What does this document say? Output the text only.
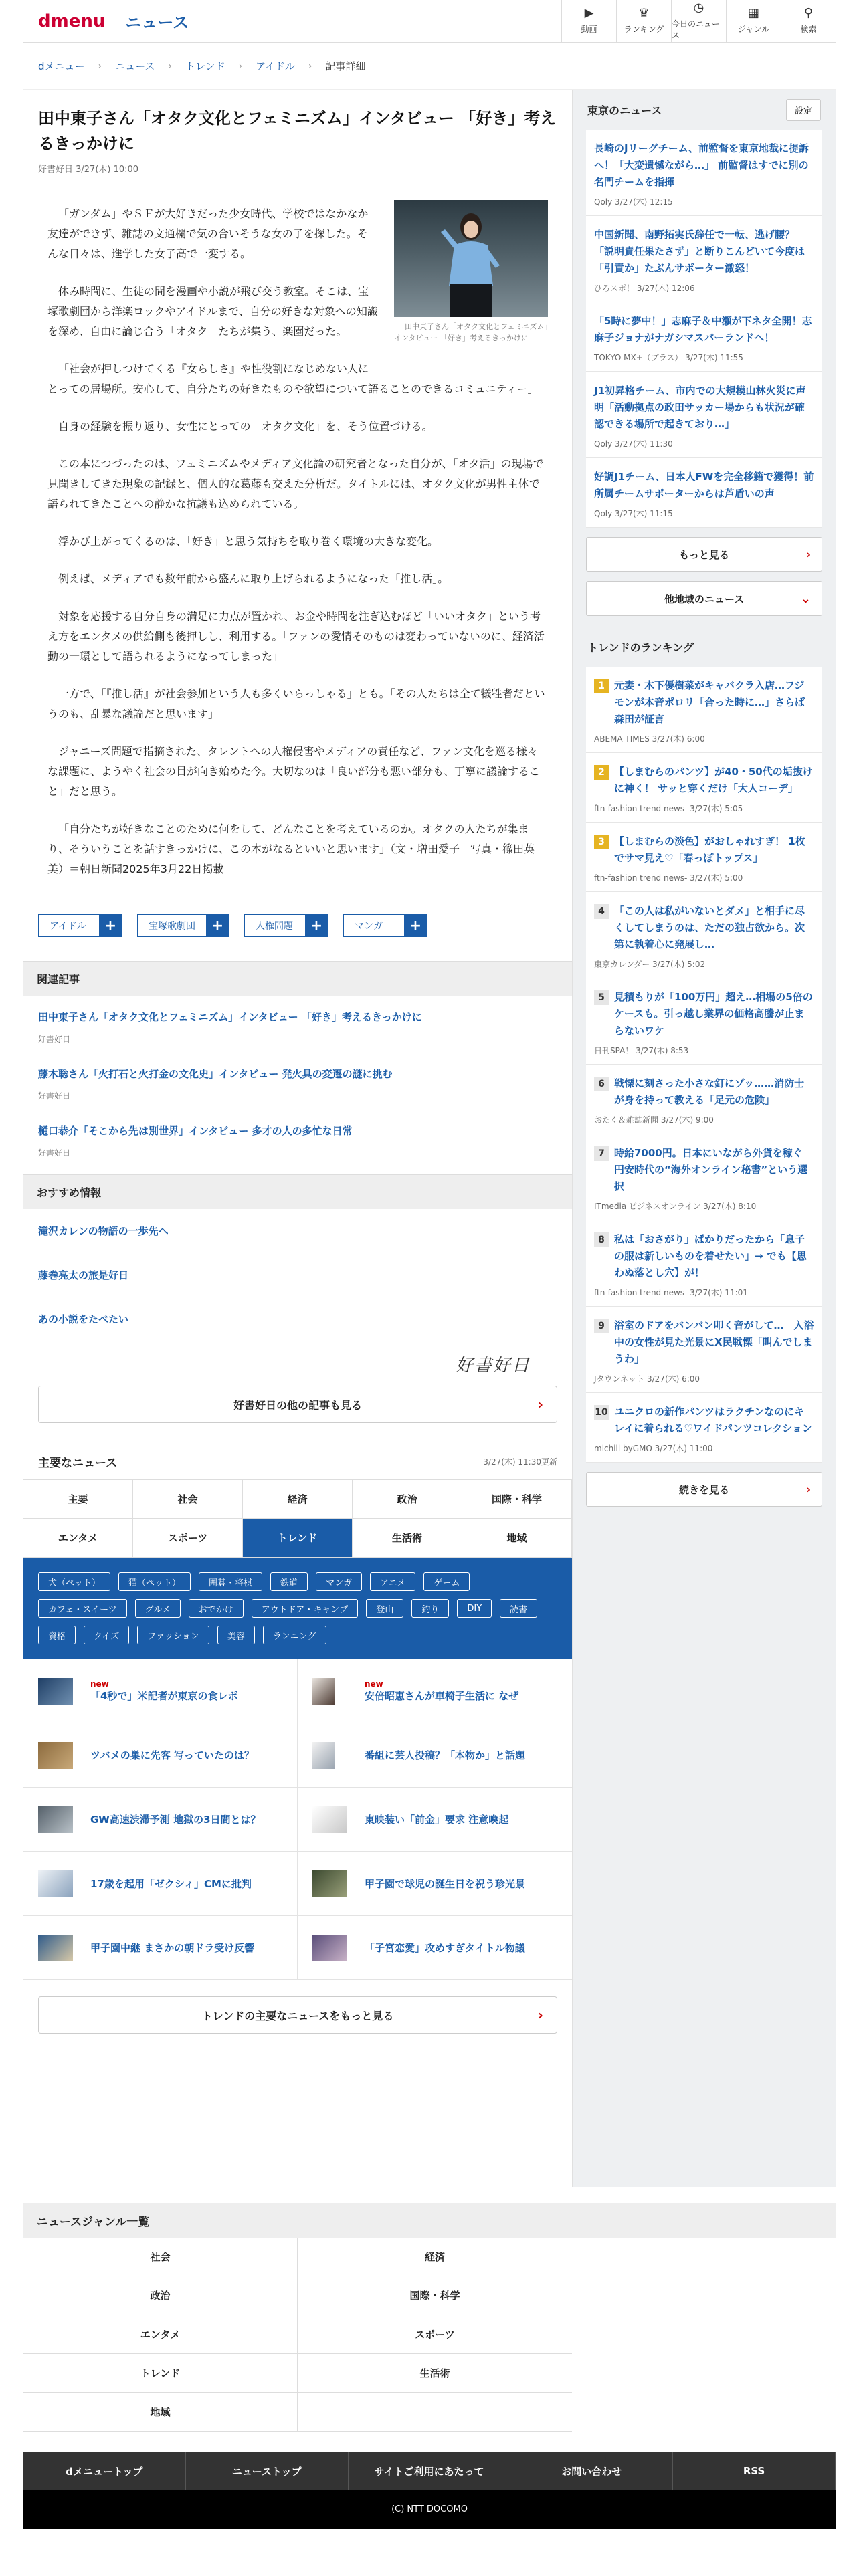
dmenu ニュース
▶
動画
♛
ランキング
◷
今日のニュース
▦
ジャンル
⚲
検索
dメニュー › ニュース › トレンド › アイドル › 記事詳細
田中東子さん「オタク文化とフェミニズム」インタビュー 「好き」考えるきっかけに
好書好日 3/27(木) 10:00

田中東子さん「オタク文化とフェミニズム」インタビュー 「好き」考えるきっかけに

「ガンダム」やＳＦが大好きだった少女時代、学校ではなかなか友達ができず、雑誌の文通欄で気の合いそうな女の子を探した。そんな日々は、進学した女子高で一変する。

休み時間に、生徒の間を漫画や小説が飛び交う教室。そこは、宝塚歌劇団から洋楽ロックやアイドルまで、自分の好きな対象への知識を深め、自由に論じ合う「オタク」たちが集う、楽園だった。

「社会が押しつけてくる『女らしさ』や性役割になじめない人にとっての居場所。安心して、自分たちの好きなものや欲望について語ることのできるコミュニティー」

自身の経験を振り返り、女性にとっての「オタク文化」を、そう位置づける。

この本につづったのは、フェミニズムやメディア文化論の研究者となった自分が、「オタ活」の現場で見聞きしてきた現象の記録と、個人的な葛藤も交えた分析だ。タイトルには、オタク文化が男性主体で語られてきたことへの静かな抗議も込められている。

浮かび上がってくるのは、「好き」と思う気持ちを取り巻く環境の大きな変化。

例えば、メディアでも数年前から盛んに取り上げられるようになった「推し活」。

対象を応援する自分自身の満足に力点が置かれ、お金や時間を注ぎ込むほど「いいオタク」という考え方をエンタメの供給側も後押しし、利用する。「ファンの愛情そのものは変わっていないのに、経済活動の一環として語られるようになってしまった」

一方で、「『推し活』が社会参加という人も多くいらっしゃる」とも。「その人たちは全て犠牲者だというのも、乱暴な議論だと思います」

ジャニーズ問題で指摘された、タレントへの人権侵害やメディアの責任など、ファン文化を巡る様々な課題に、ようやく社会の目が向き始めた今。大切なのは「良い部分も悪い部分も、丁寧に議論すること」だと思う。

「自分たちが好きなことのために何をして、どんなことを考えているのか。オタクの人たちが集まり、そういうことを話すきっかけに、この本がなるといいと思います」（文・増田愛子　写真・篠田英美）＝朝日新聞2025年3月22日掲載

アイドル	+	宝塚歌劇団	+	人権問題	+	マンガ	+
関連記事
田中東子さん「オタク文化とフェミニズム」インタビュー 「好き」考えるきっかけに
好書好日
藤木聡さん「火打石と火打金の文化史」インタビュー 発火具の変遷の謎に挑む
好書好日
樋口恭介「そこから先は別世界」インタビュー 多才の人の多忙な日常
好書好日
おすすめ情報
滝沢カレンの物語の一歩先へ
藤巻亮太の旅是好日
あの小説をたべたい
好書好日
好書好日の他の記事も見る	›
主要なニュース	3/27(木) 11:30更新
主要	社会	経済	政治	国際・科学
エンタメ	スポーツ	トレンド	生活術	地域
犬（ペット）	猫（ペット）	囲碁・将棋	鉄道	マンガ	アニメ	ゲーム
カフェ・スイーツ	グルメ	おでかけ	アウトドア・キャンプ	登山	釣り	DIY	読書
資格	クイズ	ファッション	美容	ランニング
new
「4秒で」米記者が東京の食レポ
new
安倍昭恵さんが車椅子生活に なぜ
ツバメの巣に先客 写っていたのは？	番組に芸人投稿？「本物か」と話題
GW高速渋滞予測 地獄の3日間とは？	東映装い「前金」要求 注意喚起
17歳を起用「ゼクシィ」CMに批判	甲子園で球児の誕生日を祝う珍光景
甲子園中継 まさかの朝ドラ受け反響	「子宮恋愛」攻めすぎタイトル物議
トレンドの主要なニュースをもっと見る	›
東京のニュース	設定
長崎のJリーグチーム、前監督を東京地裁に提訴へ！「大変遺憾ながら…」 前監督はすでに別の名門チームを指揮
Qoly 3/27(木) 12:15
中国新聞、南野拓実氏辞任で一転、逃げ腰？「説明責任果たさず」と断りこんどいて今度は「引責か」たぶんサポーター激怒！
ひろスポ！ 3/27(木) 12:06
「5時に夢中！」志麻子＆中瀬が下ネタ全開！志麻子ジョナがナガシマスパーランドへ！
TOKYO MX+（プラス） 3/27(木) 11:55
J1初昇格チーム、市内での大規模山林火災に声明「活動拠点の政田サッカー場からも状況が確認できる場所で起きており…」
Qoly 3/27(木) 11:30
好調J1チーム、日本人FWを完全移籍で獲得！前所属チームサポーターからは芦盾いの声
Qoly 3/27(木) 11:15
もっと見る	›
他地域のニュース	⌄
トレンドのランキング
1 元妻・木下優樹菜がキャバクラ入店…フジモンが本音ポロリ「合った時に…」さらば森田が証言
ABEMA TIMES 3/27(木) 6:00
2 【しまむらのパンツ】が40・50代の垢抜けに神く！ サッと穿くだけ「大人コーデ」
ftn-fashion trend news- 3/27(木) 5:05
3 【しまむらの淡色】がおしゃれすぎ！ 1枚でサマ見え♡「春っぽトップス」
ftn-fashion trend news- 3/27(木) 5:00
4 「この人は私がいないとダメ」と相手に尽くしてしまうのは、ただの独占欲から。次第に執着心に発展し…
東京カレンダー 3/27(木) 5:02
5 見積もりが「100万円」超え…相場の5倍のケースも。引っ越し業界の価格高騰が止まらないワケ
日刊SPA！ 3/27(木) 8:53
6 戦慄に刻さった小さな釘にゾッ……消防士が身を持って教える「足元の危険」
おたく＆雑誌新聞 3/27(木) 9:00
7 時給7000円。日本にいながら外貨を稼ぐ 円安時代の“海外オンライン秘書”という選択
ITmedia ビジネスオンライン 3/27(木) 8:10
8 私は「おさがり」ばかりだったから「息子の服は新しいものを着せたい」→ でも【思わぬ落とし穴】が！
ftn-fashion trend news- 3/27(木) 11:01
9 浴室のドアをバンバン叩く音がして…　入浴中の女性が見た光景にX民戦慄「叫んでしまうわ」
Jタウンネット 3/27(木) 6:00
10 ユニクロの新作パンツはラクチンなのにキレイに着られる♡ワイドパンツコレクション
michill byGMO 3/27(木) 11:00
続きを見る	›
ニュースジャンル一覧
社会	経済
政治	国際・科学
エンタメ	スポーツ
トレンド	生活術
地域
dメニュートップ	ニューストップ	サイトご利用にあたって	お問い合わせ	RSS
(C) NTT DOCOMO
